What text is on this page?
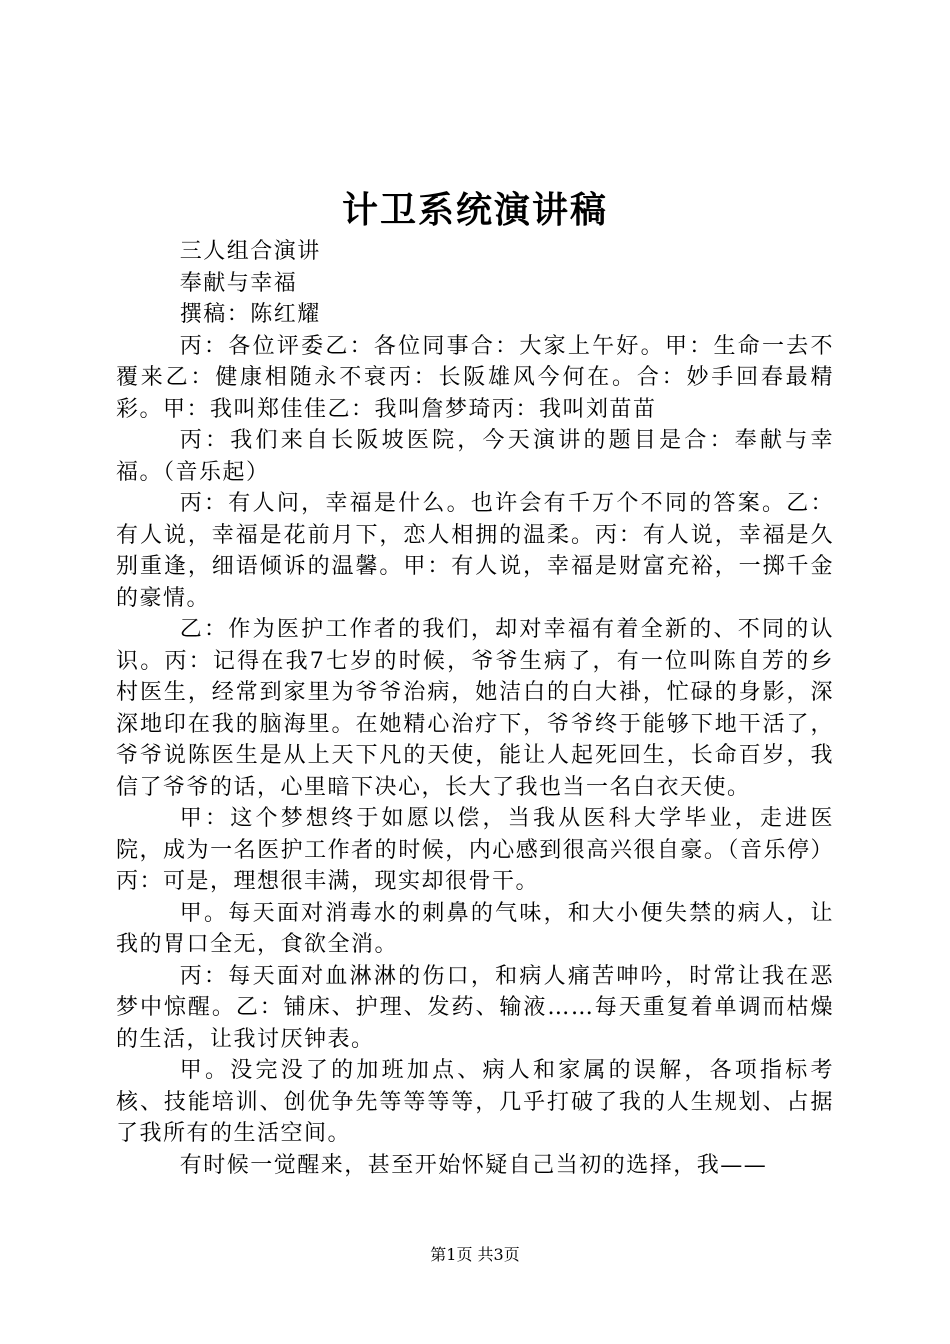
计卫系统演讲稿

三人组合演讲

奉献与幸福

撰稿：陈红耀

丙：各位评委乙：各位同事合：大家上午好。甲：生命一去不覆来乙：健康相随永不衰丙：长阪雄风今何在。合：妙手回春最精彩。甲：我叫郑佳佳乙：我叫詹梦琦丙：我叫刘苗苗

丙：我们来自长阪坡医院，今天演讲的题目是合：奉献与幸福。（音乐起）

丙：有人问，幸福是什么。也许会有千万个不同的答案。乙：有人说，幸福是花前月下，恋人相拥的温柔。丙：有人说，幸福是久别重逢，细语倾诉的温馨。甲：有人说，幸福是财富充裕，一掷千金的豪情。

乙：作为医护工作者的我们，却对幸福有着全新的、不同的认识。丙：记得在我7七岁的时候，爷爷生病了，有一位叫陈自芳的乡村医生，经常到家里为爷爷治病，她洁白的白大褂，忙碌的身影，深深地印在我的脑海里。在她精心治疗下，爷爷终于能够下地干活了，爷爷说陈医生是从上天下凡的天使，能让人起死回生，长命百岁，我信了爷爷的话，心里暗下决心，长大了我也当一名白衣天使。

甲：这个梦想终于如愿以偿，当我从医科大学毕业，走进医院，成为一名医护工作者的时候，内心感到很高兴很自豪。（音乐停）丙：可是，理想很丰满，现实却很骨干。

甲。每天面对消毒水的刺鼻的气味，和大小便失禁的病人，让我的胃口全无，食欲全消。

丙：每天面对血淋淋的伤口，和病人痛苦呻吟，时常让我在恶梦中惊醒。乙：铺床、护理、发药、输液……每天重复着单调而枯燥的生活，让我讨厌钟表。

甲。没完没了的加班加点、病人和家属的误解，各项指标考核、技能培训、创优争先等等等等，几乎打破了我的人生规划、占据了我所有的生活空间。

有时候一觉醒来，甚至开始怀疑自己当初的选择，我——

第1页 共3页
